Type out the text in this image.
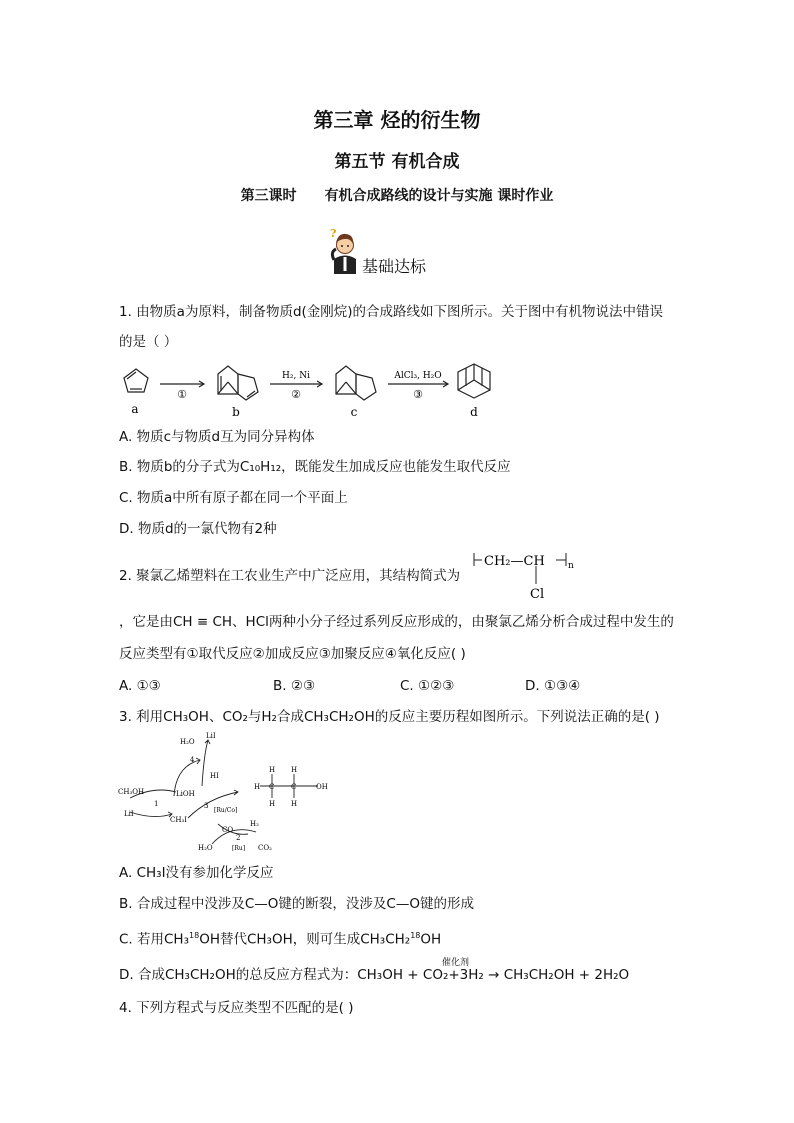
第三章 烃的衍生物
第五节 有机合成
第三课时 有机合成路线的设计与实施 课时作业
?
基础达标
1. 由物质a为原料，制备物质d(金刚烷)的合成路线如下图所示。关于图中有机物说法中错误
的是（ ）
a	b	c	d
①	②	③
H₂, Ni	AlCl₃, H₂O
A. 物质c与物质d互为同分异构体
B. 物质b的分子式为C₁₀H₁₂，既能发生加成反应也能发生取代反应
C. 物质a中所有原子都在同一个平面上
D. 物质d的一氯代物有2种
2. 聚氯乙烯塑料在工农业生产中广泛应用，其结构简式为
CH₂—CH	n
Cl
，它是由CH ≡ CH、HCl两种小分子经过系列反应形成的，由聚氯乙烯分析合成过程中发生的
反应类型有①取代反应②加成反应③加聚反应④氧化反应( )
A. ①③	B. ②③	C. ①②③	D. ①③④
3. 利用CH₃OH、CO₂与H₂合成CH₃CH₂OH的反应主要历程如图所示。下列说法正确的是( )
H₂O
LiI
4
HI
CH₃OH	LiOH
1
LiI
CH₃I
3
[Ru/Co]
CO
H₂
2
[Ru]
H₂O	CO₂
H C C	OH
H H
H H
A. CH₃I没有参加化学反应
B. 合成过程中没涉及C—O键的断裂，没涉及C—O键的形成
C. 若用CH₃$^{18}$OH替代CH₃OH，则可生成CH₃CH₂$^{18}$OH
催化剂
D. 合成CH₃CH₂OH的总反应方程式为：CH₃OH + CO₂+3H₂ → CH₃CH₂OH + 2H₂O
4. 下列方程式与反应类型不匹配的是( )
